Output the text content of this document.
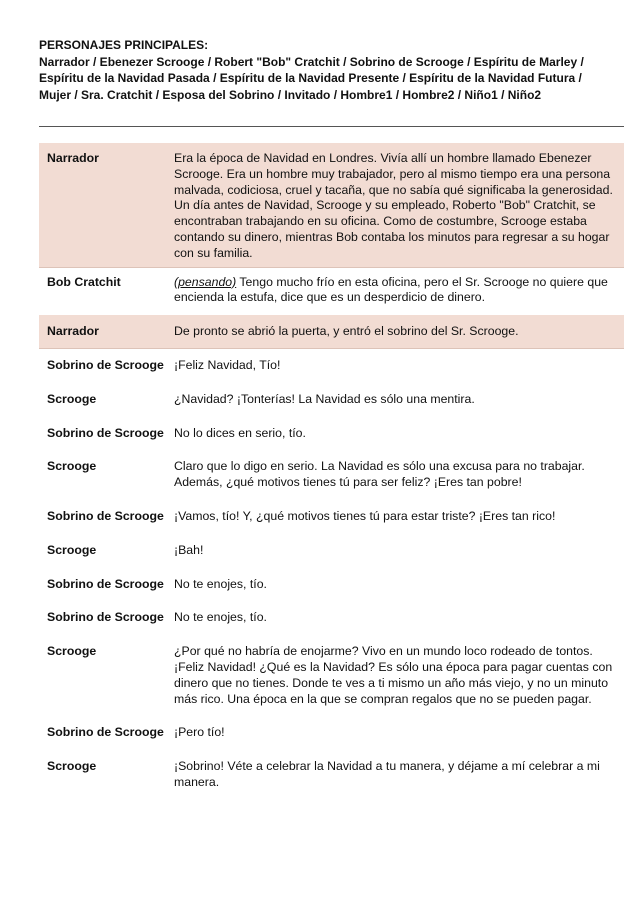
PERSONAJES PRINCIPALES:
Narrador / Ebenezer Scrooge / Robert "Bob" Cratchit / Sobrino de Scrooge / Espíritu de Marley / Espíritu de la Navidad Pasada / Espíritu de la Navidad Presente / Espíritu de la Navidad Futura / Mujer / Sra. Cratchit / Esposa del Sobrino / Invitado / Hombre1 / Hombre2 / Niño1 / Niño2
Narrador	Era la época de Navidad en Londres. Vivía allí un hombre llamado Ebenezer Scrooge. Era un hombre muy trabajador, pero al mismo tiempo era una persona malvada, codiciosa, cruel y tacaña, que no sabía qué significaba la generosidad. Un día antes de Navidad, Scrooge y su empleado, Roberto "Bob" Cratchit, se encontraban trabajando en su oficina. Como de costumbre, Scrooge estaba contando su dinero, mientras Bob contaba los minutos para regresar a su hogar con su familia.
Bob Cratchit	(pensando) Tengo mucho frío en esta oficina, pero el Sr. Scrooge no quiere que encienda la estufa, dice que es un desperdicio de dinero.
Narrador	De pronto se abrió la puerta, y entró el sobrino del Sr. Scrooge.
Sobrino de Scrooge ¡Feliz Navidad, Tío!
Scrooge	¿Navidad? ¡Tonterías! La Navidad es sólo una mentira.
Sobrino de Scrooge No lo dices en serio, tío.
Scrooge	Claro que lo digo en serio. La Navidad es sólo una excusa para no trabajar. Además, ¿qué motivos tienes tú para ser feliz? ¡Eres tan pobre!
Sobrino de Scrooge ¡Vamos, tío! Y, ¿qué motivos tienes tú para estar triste? ¡Eres tan rico!
Scrooge	¡Bah!
Sobrino de Scrooge No te enojes, tío.
Sobrino de Scrooge No te enojes, tío.
Scrooge	¿Por qué no habría de enojarme? Vivo en un mundo loco rodeado de tontos. ¡Feliz Navidad! ¿Qué es la Navidad? Es sólo una época para pagar cuentas con dinero que no tienes. Donde te ves a ti mismo un año más viejo, y no un minuto más rico. Una época en la que se compran regalos que no se pueden pagar.
Sobrino de Scrooge ¡Pero tío!
Scrooge	¡Sobrino! Véte a celebrar la Navidad a tu manera, y déjame a mí celebrar a mi manera.
